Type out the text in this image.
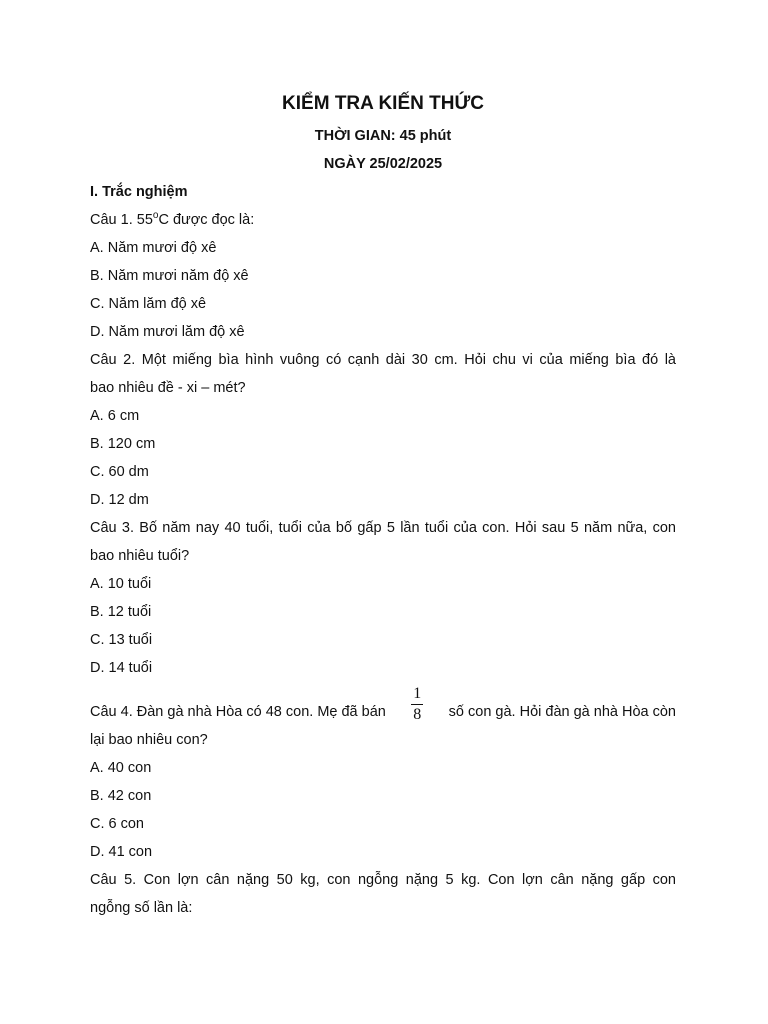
KIỂM TRA KIẾN THỨC
THỜI GIAN: 45 phút
NGÀY 25/02/2025
I. Trắc nghiệm
Câu 1. 55$^o$C được đọc là:
A. Năm mươi độ xê
B. Năm mươi năm độ xê
C. Năm lăm độ xê
D. Năm mươi lăm độ xê
Câu 2. Một miếng bìa hình vuông có cạnh dài 30 cm. Hỏi chu vi của miếng bìa đó là
bao nhiêu đề - xi – mét?
A. 6 cm
B. 120 cm
C. 60 dm
D. 12 dm
Câu 3. Bố năm nay 40 tuổi, tuổi của bố gấp 5 lần tuổi của con. Hỏi sau 5 năm nữa, con
bao nhiêu tuổi?
A. 10 tuổi
B. 12 tuổi
C. 13 tuổi
D. 14 tuổi
Câu 4. Đàn gà nhà Hòa có 48 con. Mẹ đã bán $\frac{1}{8}$ số con gà. Hỏi đàn gà nhà Hòa còn
lại bao nhiêu con?
A. 40 con
B. 42 con
C. 6 con
D. 41 con
Câu 5. Con lợn cân nặng 50 kg, con ngỗng nặng 5 kg. Con lợn cân nặng gấp con
ngỗng số lần là:
